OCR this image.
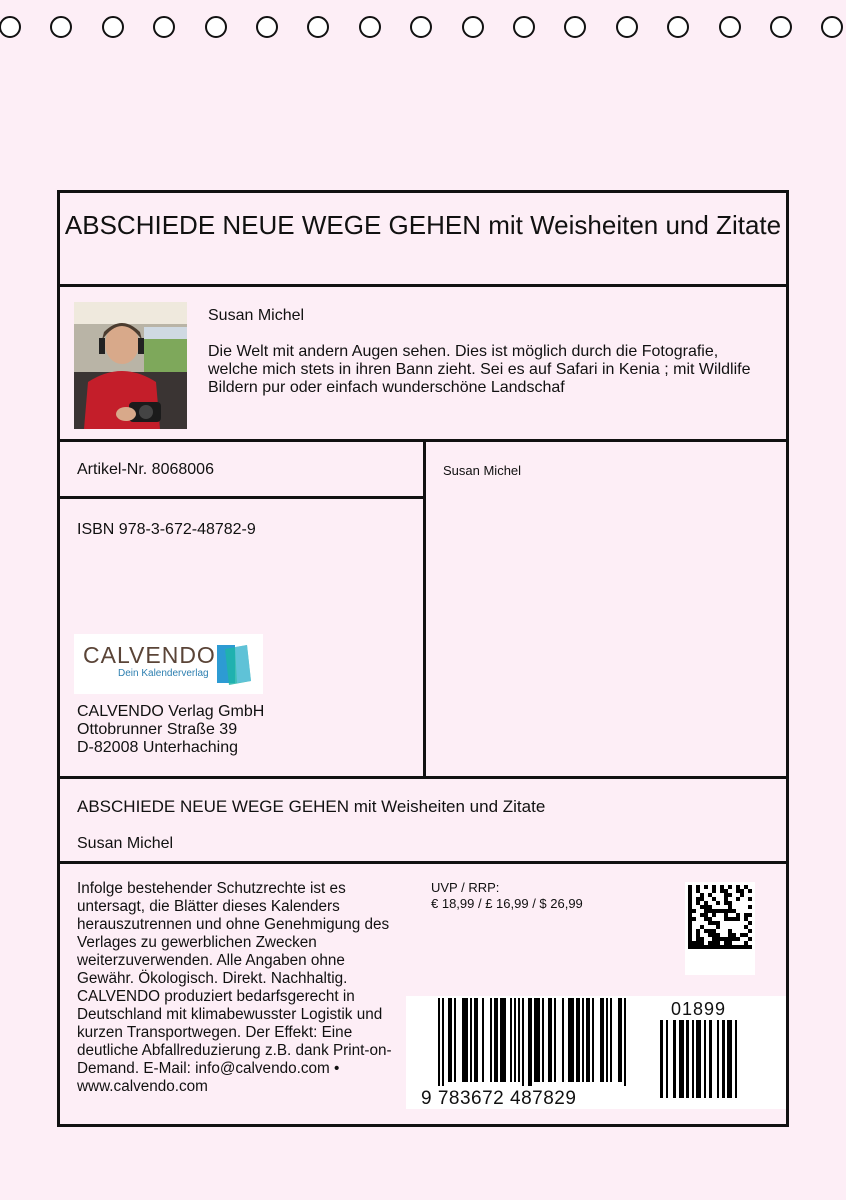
ABSCHIEDE NEUE WEGE GEHEN mit Weisheiten und Zitate
Susan Michel
Die Welt mit andern Augen sehen. Dies ist möglich durch die Fotografie, welche mich stets in ihren Bann zieht. Sei es auf Safari in Kenia ; mit Wildlife Bildern pur oder einfach wunderschöne Landschaf
Artikel-Nr. 8068006
ISBN 978-3-672-48782-9
CALVENDO
Dein Kalenderverlag
CALVENDO Verlag GmbH
Ottobrunner Straße 39
D-82008 Unterhaching
Susan Michel
ABSCHIEDE NEUE WEGE GEHEN mit Weisheiten und Zitate
Susan Michel
Infolge bestehender Schutzrechte ist es untersagt, die Blätter dieses Kalenders herauszutrennen und ohne Genehmigung des Verlages zu gewerblichen Zwecken weiterzuverwenden. Alle Angaben ohne Gewähr. Ökologisch. Direkt. Nachhaltig. CALVENDO produziert bedarfsgerecht in Deutschland mit klimabewusster Logistik und kurzen Transportwegen. Der Effekt: Eine deutliche Abfallreduzierung z.B. dank Print-on-Demand. E-Mail: info@calvendo.com • www.calvendo.com
UVP / RRP:
€ 18,99 / £ 16,99 / $ 26,99
9 783672 487829
01899
